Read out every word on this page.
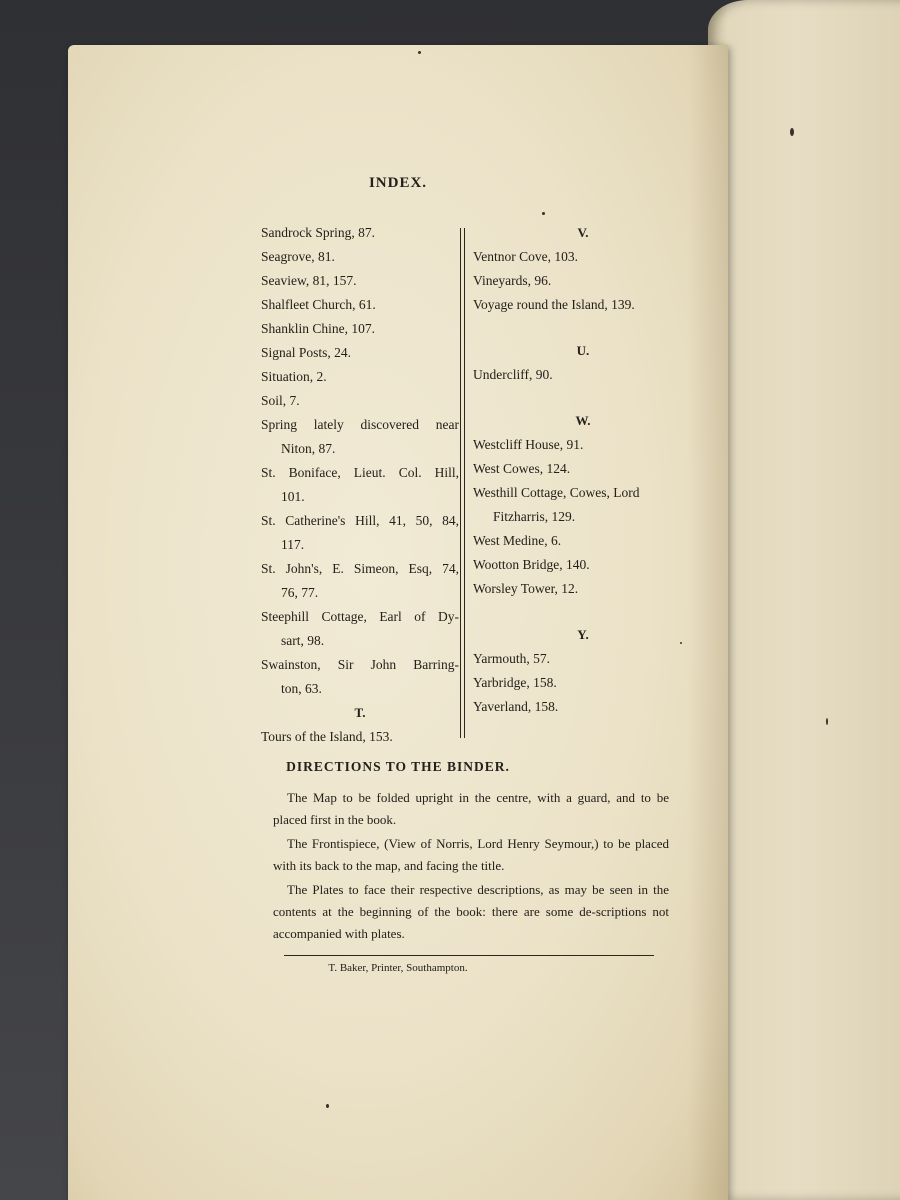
INDEX.
Sandrock Spring, 87.
Seagrove, 81.
Seaview, 81, 157.
Shalfleet Church, 61.
Shanklin Chine, 107.
Signal Posts, 24.
Situation, 2.
Soil, 7.
Spring lately discovered near
Niton, 87.
St. Boniface, Lieut. Col. Hill,
101.
St. Catherine's Hill, 41, 50, 84,
117.
St. John's, E. Simeon, Esq, 74,
76, 77.
Steephill Cottage, Earl of Dy-
sart, 98.
Swainston, Sir John Barring-
ton, 63.
T.
Tours of the Island, 153.
V.
Ventnor Cove, 103.
Vineyards, 96.
Voyage round the Island, 139.
U.
Undercliff, 90.
W.
Westcliff House, 91.
West Cowes, 124.
Westhill Cottage, Cowes, Lord
Fitzharris, 129.
West Medine, 6.
Wootton Bridge, 140.
Worsley Tower, 12.
Y.
Yarmouth, 57.
Yarbridge, 158.
Yaverland, 158.
DIRECTIONS TO THE BINDER.
The Map to be folded upright in the centre, with a guard, and to be placed first in the book.
The Frontispiece, (View of Norris, Lord Henry Seymour,) to be placed with its back to the map, and facing the title.
The Plates to face their respective descriptions, as may be seen in the contents at the beginning of the book: there are some de-scriptions not accompanied with plates.
T. Baker, Printer, Southampton.
